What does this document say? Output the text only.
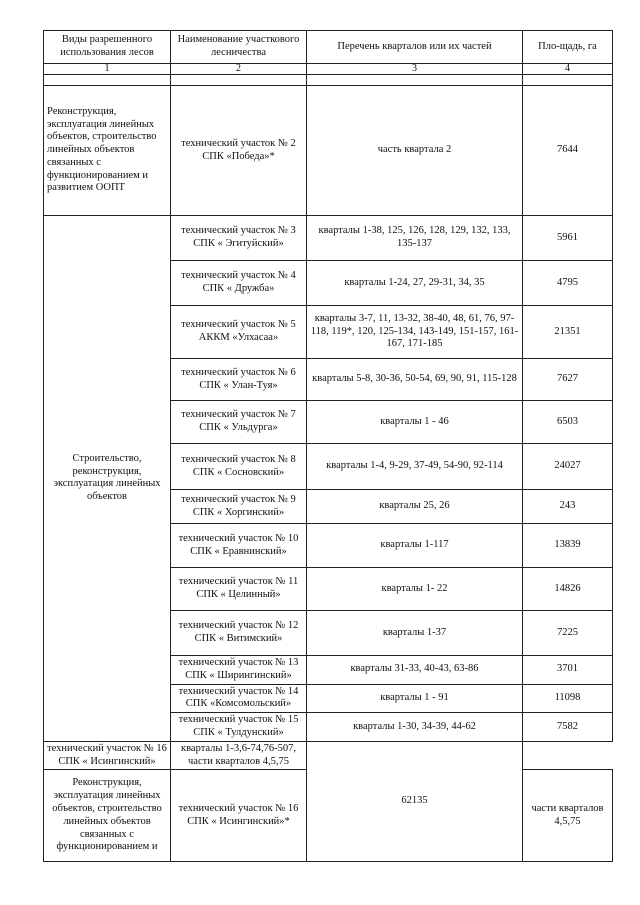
Виды разрешенного использования лесов	Наименование участкового лесничества	Перечень кварталов или их частей	Пло-щадь, га
1	2	3	4

Реконструкция, эксплуатация линейных объектов, строительство линейных объектов связанных с функционированием и развитием ООПТ	технический участок № 2 СПК «Победа»*	часть квартала 2	7644
Строительство, реконструкция, эксплуатация линейных объектов	технический участок № 3 СПК « Эгитуйский»	кварталы 1-38, 125, 126, 128, 129, 132, 133, 135-137	5961
	технический участок № 4 СПК « Дружба»	кварталы 1-24, 27, 29-31, 34, 35	4795
	технический участок № 5 АККМ «Улхасаа»	кварталы 3-7, 11, 13-32, 38-40, 48, 61, 76, 97- 118, 119*, 120, 125-134, 143-149, 151-157, 161-167, 171-185	21351
	технический участок № 6 СПК « Улан-Туя»	кварталы 5-8, 30-36, 50-54, 69, 90, 91, 115-128	7627
	технический участок № 7 СПК « Ульдурга»	кварталы 1 - 46	6503
	технический участок № 8 СПК « Сосновский»	кварталы 1-4, 9-29, 37-49, 54-90, 92-114	24027
	технический участок № 9 СПК « Хоргинский»	кварталы 25, 26	243
	технический участок № 10 СПК « Еравнинский»	кварталы 1-117	13839
	технический участок № 11 СПК « Целинный»	кварталы 1- 22	14826
	технический участок № 12 СПК « Витимский»	кварталы 1-37	7225
	технический участок № 13 СПК « Ширингинский»	кварталы 31-33, 40-43, 63-86	3701
	технический участок № 14 СПК «Комсомольский»	кварталы 1 - 91	11098
	технический участок № 15 СПК « Тулдунский»	кварталы 1-30, 34-39, 44-62	7582
технический участок № 16 СПК « Исингинский»	кварталы 1-3,6-74,76-507, части кварталов 4,5,75	62135	
Реконструкция, эксплуатация линейных объектов, строительство линейных объектов связанных с функционированием и	технический участок № 16 СПК « Исингинский»*		части кварталов 4,5,75
